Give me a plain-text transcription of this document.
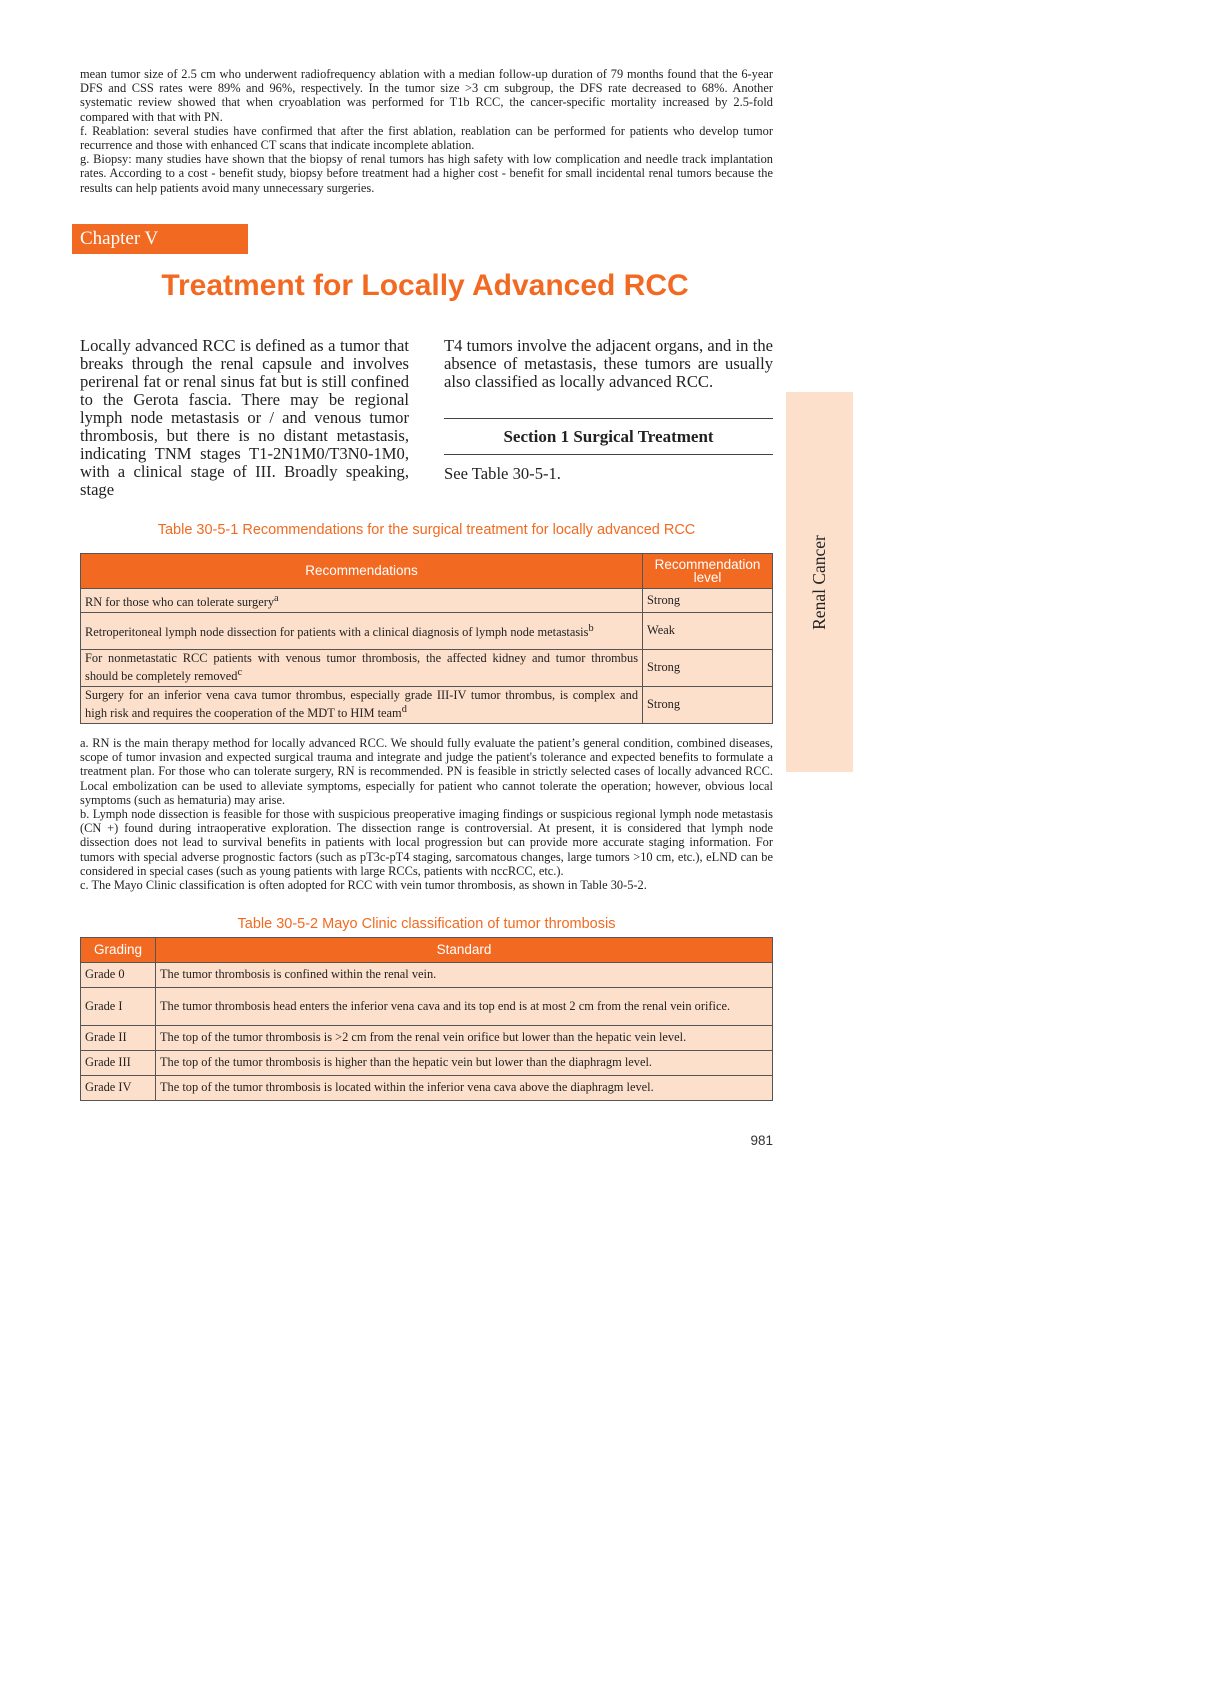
mean tumor size of 2.5 cm who underwent radiofrequency ablation with a median follow-up duration of 79 months found that the 6-year DFS and CSS rates were 89% and 96%, respectively. In the tumor size >3 cm subgroup, the DFS rate decreased to 68%. Another systematic review showed that when cryoablation was performed for T1b RCC, the cancer-specific mortality increased by 2.5-fold compared with that with PN.

f. Reablation: several studies have confirmed that after the first ablation, reablation can be performed for patients who develop tumor recurrence and those with enhanced CT scans that indicate incomplete ablation.

g. Biopsy: many studies have shown that the biopsy of renal tumors has high safety with low complication and needle track implantation rates. According to a cost - benefit study, biopsy before treatment had a higher cost - benefit for small incidental renal tumors because the results can help patients avoid many unnecessary surgeries.

Chapter V
Treatment for Locally Advanced RCC
Locally advanced RCC is defined as a tumor that breaks through the renal capsule and involves perirenal fat or renal sinus fat but is still confined to the Gerota fascia. There may be regional lymph node metastasis or / and venous tumor thrombosis, but there is no distant metastasis, indicating TNM stages T1-2N1M0/T3N0-1M0, with a clinical stage of III. Broadly speaking, stage
T4 tumors involve the adjacent organs, and in the absence of metastasis, these tumors are usually also classified as locally advanced RCC.
Section 1 Surgical Treatment
See Table 30-5-1.
Table 30-5-1 Recommendations for the surgical treatment for locally advanced RCC
Recommendations	Recommendation level
RN for those who can tolerate surgery$^a$	Strong
Retroperitoneal lymph node dissection for patients with a clinical diagnosis of lymph node metastasis$^b$	Weak
For nonmetastatic RCC patients with venous tumor thrombosis, the affected kidney and tumor thrombus should be completely removed$^c$	Strong
Surgery for an inferior vena cava tumor thrombus, especially grade III-IV tumor thrombus, is complex and high risk and requires the cooperation of the MDT to HIM team$^d$	Strong

a. RN is the main therapy method for locally advanced RCC. We should fully evaluate the patient’s general condition, combined diseases, scope of tumor invasion and expected surgical trauma and integrate and judge the patient's tolerance and expected benefits to formulate a treatment plan. For those who can tolerate surgery, RN is recommended. PN is feasible in strictly selected cases of locally advanced RCC. Local embolization can be used to alleviate symptoms, especially for patient who cannot tolerate the operation; however, obvious local symptoms (such as hematuria) may arise.

b. Lymph node dissection is feasible for those with suspicious preoperative imaging findings or suspicious regional lymph node metastasis (CN +) found during intraoperative exploration. The dissection range is controversial. At present, it is considered that lymph node dissection does not lead to survival benefits in patients with local progression but can provide more accurate staging information. For tumors with special adverse prognostic factors (such as pT3c-pT4 staging, sarcomatous changes, large tumors >10 cm, etc.), eLND can be considered in special cases (such as young patients with large RCCs, patients with nccRCC, etc.).

c. The Mayo Clinic classification is often adopted for RCC with vein tumor thrombosis, as shown in Table 30-5-2.

Table 30-5-2 Mayo Clinic classification of tumor thrombosis
Grading	Standard
Grade 0	The tumor thrombosis is confined within the renal vein.
Grade I	The tumor thrombosis head enters the inferior vena cava and its top end is at most 2 cm from the renal vein orifice.
Grade II	The top of the tumor thrombosis is >2 cm from the renal vein orifice but lower than the hepatic vein level.
Grade III	The top of the tumor thrombosis is higher than the hepatic vein but lower than the diaphragm level.
Grade IV	The top of the tumor thrombosis is located within the inferior vena cava above the diaphragm level.
Renal Cancer
981
